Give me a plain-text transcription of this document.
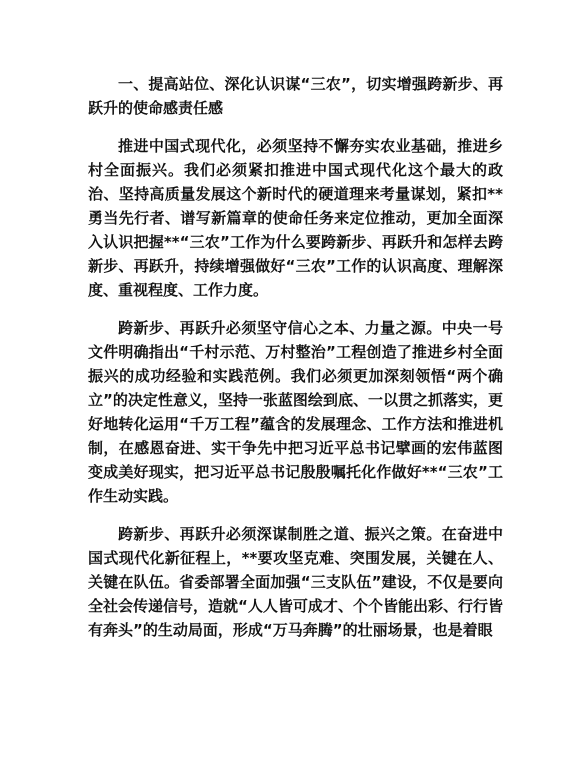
一、提高站位、深化认识谋“三农”，切实增强跨新步、再跃升的使命感责任感

推进中国式现代化，必须坚持不懈夯实农业基础，推进乡村全面振兴。我们必须紧扣推进中国式现代化这个最大的政治、坚持高质量发展这个新时代的硬道理来考量谋划，紧扣**勇当先行者、谱写新篇章的使命任务来定位推动，更加全面深入认识把握**“三农”工作为什么要跨新步、再跃升和怎样去跨新步、再跃升，持续增强做好“三农”工作的认识高度、理解深度、重视程度、工作力度。

跨新步、再跃升必须坚守信心之本、力量之源。中央一号文件明确指出“千村示范、万村整治”工程创造了推进乡村全面振兴的成功经验和实践范例。我们必须更加深刻领悟“两个确立”的决定性意义，坚持一张蓝图绘到底、一以贯之抓落实，更好地转化运用“千万工程”蕴含的发展理念、工作方法和推进机制，在感恩奋进、实干争先中把习近平总书记擘画的宏伟蓝图变成美好现实，把习近平总书记殷殷嘱托化作做好**“三农”工作生动实践。

跨新步、再跃升必须深谋制胜之道、振兴之策。在奋进中国式现代化新征程上，**要攻坚克难、突围发展，关键在人、关键在队伍。省委部署全面加强“三支队伍”建设，不仅是要向全社会传递信号，造就“人人皆可成才、个个皆能出彩、行行皆有奔头”的生动局面，形成“万马奔腾”的壮丽场景，也是着眼
